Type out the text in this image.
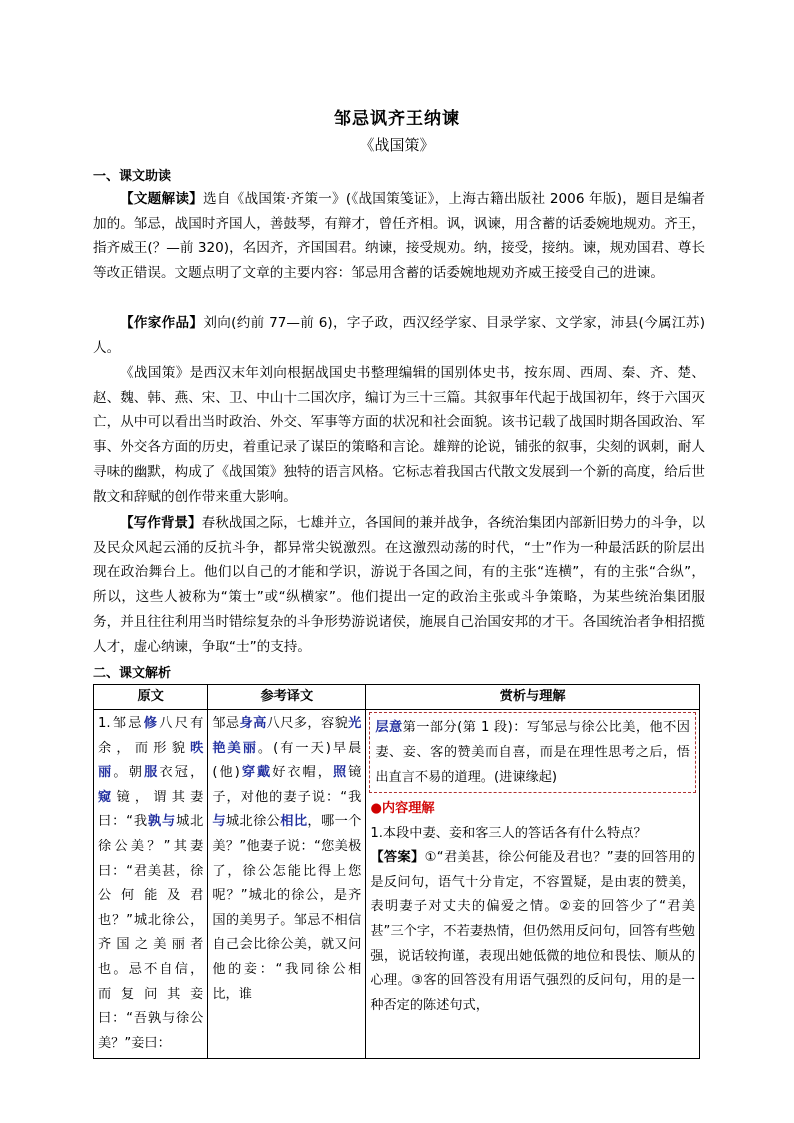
邹忌讽齐王纳谏
《战国策》
一、课文助读
【文题解读】选自《战国策·齐策一》(《战国策笺证》，上海古籍出版社 2006 年版)，题目是编者加的。邹忌，战国时齐国人，善鼓琴，有辩才，曾任齐相。讽，讽谏，用含蓄的话委婉地规劝。齐王，指齐威王(？—前 320)，名因齐，齐国国君。纳谏，接受规劝。纳，接受，接纳。谏，规劝国君、尊长等改正错误。文题点明了文章的主要内容：邹忌用含蓄的话委婉地规劝齐威王接受自己的进谏。
【作家作品】刘向(约前 77—前 6)，字子政，西汉经学家、目录学家、文学家，沛县(今属江苏)人。
《战国策》是西汉末年刘向根据战国史书整理编辑的国别体史书，按东周、西周、秦、齐、楚、赵、魏、韩、燕、宋、卫、中山十二国次序，编订为三十三篇。其叙事年代起于战国初年，终于六国灭亡，从中可以看出当时政治、外交、军事等方面的状况和社会面貌。该书记载了战国时期各国政治、军事、外交各方面的历史，着重记录了谋臣的策略和言论。雄辩的论说，铺张的叙事，尖刻的讽刺，耐人寻味的幽默，构成了《战国策》独特的语言风格。它标志着我国古代散文发展到一个新的高度，给后世散文和辞赋的创作带来重大影响。
【写作背景】春秋战国之际，七雄并立，各国间的兼并战争，各统治集团内部新旧势力的斗争，以及民众风起云涌的反抗斗争，都异常尖锐激烈。在这激烈动荡的时代，“士”作为一种最活跃的阶层出现在政治舞台上。他们以自己的才能和学识，游说于各国之间，有的主张“连横”，有的主张“合纵”，所以，这些人被称为“策士”或“纵横家”。他们提出一定的政治主张或斗争策略，为某些统治集团服务，并且往往利用当时错综复杂的斗争形势游说诸侯，施展自己治国安邦的才干。各国统治者争相招揽人才，虚心纳谏，争取“士”的支持。
二、课文解析
原文	参考译文	赏析与理解
1.邹忌修八尺有余，而形貌昳丽。朝服衣冠，窥镜，谓其妻曰：“我孰与城北徐公美？”其妻曰：“君美甚，徐公何能及君也？”城北徐公，齐国之美丽者也。忌不自信，而复问其妾曰：“吾孰与徐公美？”妾曰：	邹忌身高八尺多，容貌光艳美丽。(有一天)早晨(他)穿戴好衣帽，照镜子，对他的妻子说：“我与城北徐公相比，哪一个美？”他妻子说：“您美极了，徐公怎能比得上您呢？”城北的徐公，是齐国的美男子。邹忌不相信自己会比徐公美，就又问他的妾：“我同徐公相比，谁	层意第一部分(第 1 段)：写邹忌与徐公比美，他不因妻、妾、客的赞美而自喜，而是在理性思考之后，悟出直言不易的道理。(进谏缘起)
●内容理解
1.本段中妻、妾和客三人的答话各有什么特点？
【答案】①“君美甚，徐公何能及君也？”妻的回答用的是反问句，语气十分肯定，不容置疑，是由衷的赞美，表明妻子对丈夫的偏爱之情。②妾的回答少了“君美甚”三个字，不若妻热情，但仍然用反问句，回答有些勉强，说话较拘谨，表现出她低微的地位和畏怯、顺从的心理。③客的回答没有用语气强烈的反问句，用的是一种否定的陈述句式，
